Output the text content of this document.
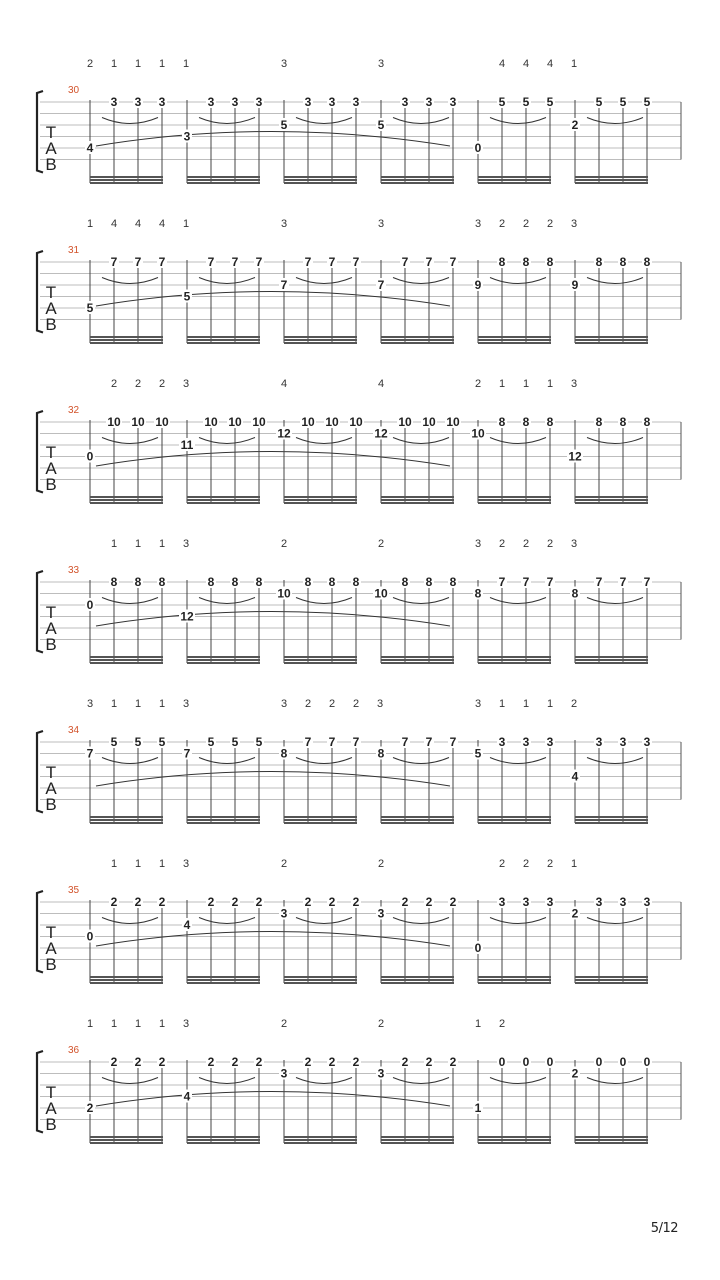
30
T
A
B
2 1 1 1 1	3	3	4 4 4 1
4
3 3 3
3
3 3 3
5
3 3 3
5
3 3 3
0
5 5 5
2
5 5 5
31
T
A
B
1 4 4 4 1	3	3	3 2 2 2 3
5
7 7 7
5
7 7 7
7
7 7 7
7
7 7 7
9
8 8 8
9
8 8 8
32
T
A
B
2 2 2 3	4	4	2 1 1 1 3
0
10 10 10
11
10 10 10
12
10 10 10
12
10 10 10
10
8 8 8
12
8 8 8
33
T
A
B
1 1 1 3	2	2	3 2 2 2 3
0
8 8 8
12
8 8 8
10
8 8 8
10
8 8 8
8
7 7 7
8
7 7 7
34
T
A
B
3 1 1 1 3	3 2 2 2 3	3 1 1 1 2
7
5 5 5
7
5 5 5
8
7 7 7
8
7 7 7
5
3 3 3
4
3 3 3
35
T
A
B
1 1 1 3	2	2	2 2 2 1
0
2 2 2
4
2 2 2
3
2 2 2
3
2 2 2
0
3 3 3
2
3 3 3
36
T
A
B
1 1 1 1 3	2	2	1 2
2
2 2 2
4
2 2 2
3
2 2 2
3
2 2 2
1
0 0 0
2
0 0 0
5/12
